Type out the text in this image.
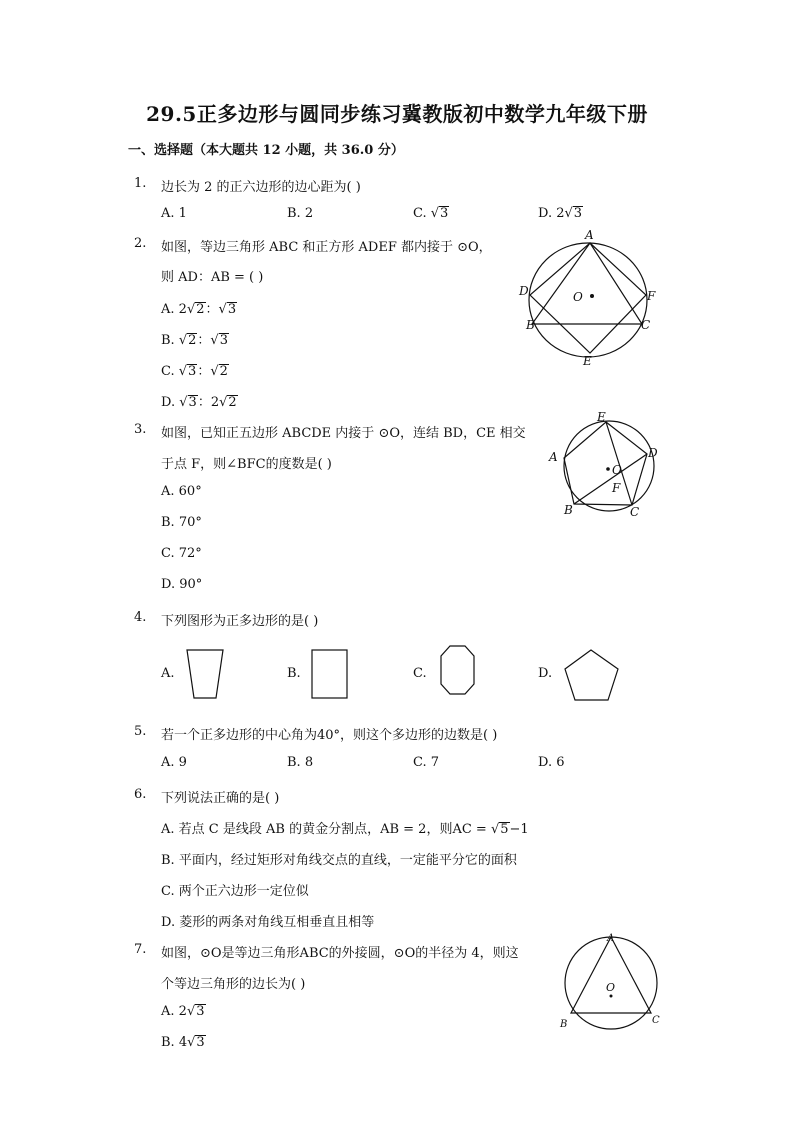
29.5正多边形与圆同步练习冀教版初中数学九年级下册
一、选择题（本大题共 12 小题，共 36.0 分）
1. 边长为 2 的正六边形的边心距为( )
A. 1	B. 2	C. √3	D. 2√3
2. 如图，等边三角形 ABC 和正方形 ADEF 都内接于 ⊙O，
则 AD：AB = ( )
A. 2√2：√3
B. √2：√3
C. √3：√2
D. √3：2√2
A
D
B
O	F
C
E
3. 如图，已知正五边形 ABCDE 内接于 ⊙O，连结 BD，CE 相交
于点 F，则∠BFC的度数是( )
A. 60°
B. 70°
C. 72°
D. 90°
E
A	D
O
F
B	C
4. 下列图形为正多边形的是( )
A.	B.	C.	D.
5. 若一个正多边形的中心角为40°，则这个多边形的边数是( )
A. 9	B. 8	C. 7	D. 6
6. 下列说法正确的是( )
A. 若点 C 是线段 AB 的黄金分割点，AB = 2，则AC = √5−1
B. 平面内，经过矩形对角线交点的直线，一定能平分它的面积
C. 两个正六边形一定位似
D. 菱形的两条对角线互相垂直且相等
7. 如图，⊙O是等边三角形ABC的外接圆，⊙O的半径为 4，则这
个等边三角形的边长为( )
A. 2√3
B. 4√3
A
O
B	C
